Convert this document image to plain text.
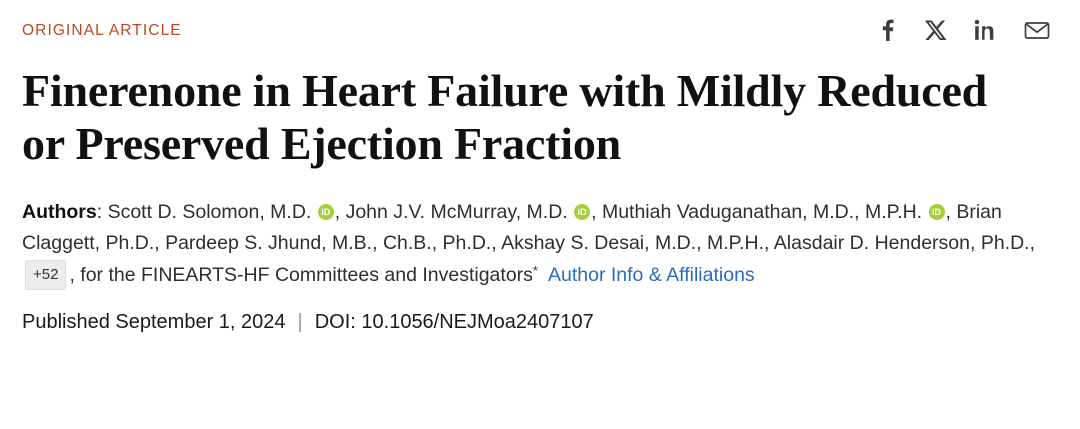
ORIGINAL ARTICLE
Finerenone in Heart Failure with Mildly Reduced or Preserved Ejection Fraction
Authors: Scott D. Solomon, M.D. iD, John J.V. McMurray, M.D. iD, Muthiah Vaduganathan, M.D., M.P.H. iD, Brian Claggett, Ph.D., Pardeep S. Jhund, M.B., Ch.B., Ph.D., Akshay S. Desai, M.D., M.P.H., Alasdair D. Henderson, Ph.D., +52 , for the FINEARTS-HF Committees and Investigators* Author Info & Affiliations
Published September 1, 2024 | DOI: 10.1056/NEJMoa2407107
